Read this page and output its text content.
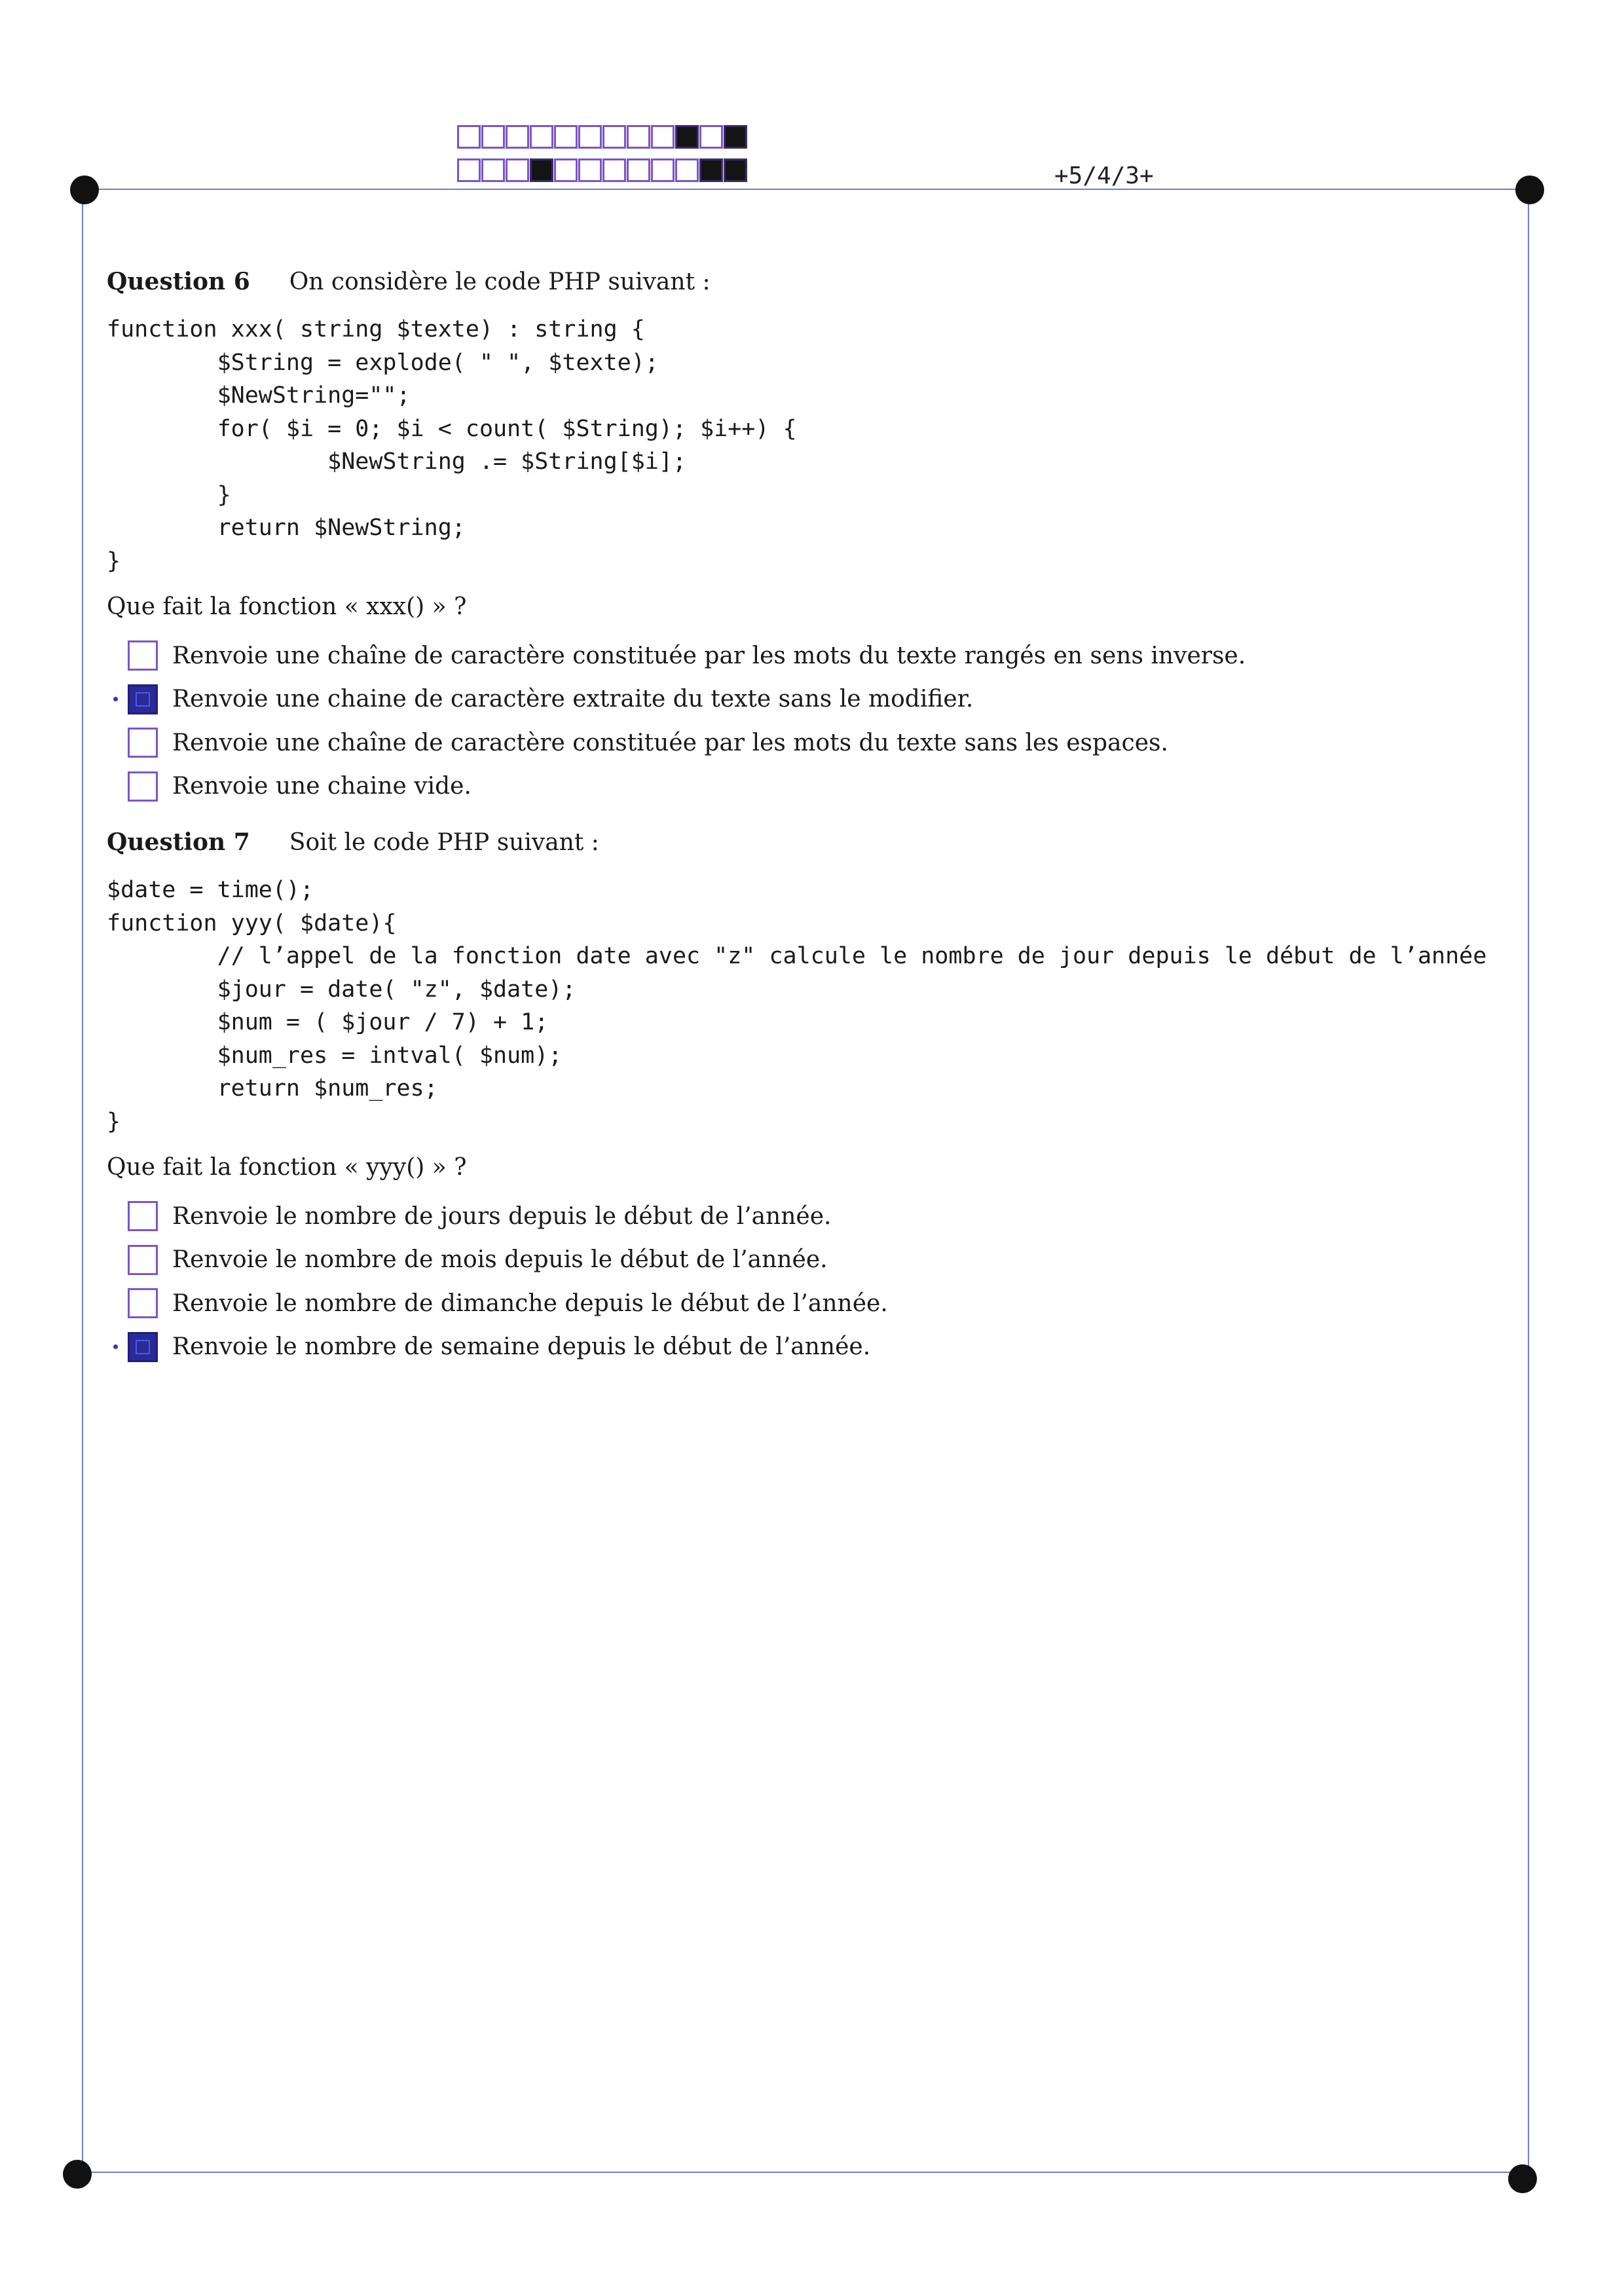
+5/4/3+
Question 6 On considère le code PHP suivant :
function xxx( string $texte) : string {
$String = explode( " ", $texte);
$NewString="";
for( $i = 0; $i < count( $String); $i++) {
$NewString .= $String[$i];
}
return $NewString;
}
Que fait la fonction « xxx() » ?
Renvoie une chaîne de caractère constituée par les mots du texte rangés en sens inverse.
Renvoie une chaine de caractère extraite du texte sans le modifier.
Renvoie une chaîne de caractère constituée par les mots du texte sans les espaces.
Renvoie une chaine vide.
Question 7 Soit le code PHP suivant :
$date = time();
function yyy( $date){
// l’appel de la fonction date avec "z" calcule le nombre de jour depuis le début de l’année
$jour = date( "z", $date);
$num = ( $jour / 7) + 1;
$num_res = intval( $num);
return $num_res;
}
Que fait la fonction « yyy() » ?
Renvoie le nombre de jours depuis le début de l’année.
Renvoie le nombre de mois depuis le début de l’année.
Renvoie le nombre de dimanche depuis le début de l’année.
Renvoie le nombre de semaine depuis le début de l’année.
